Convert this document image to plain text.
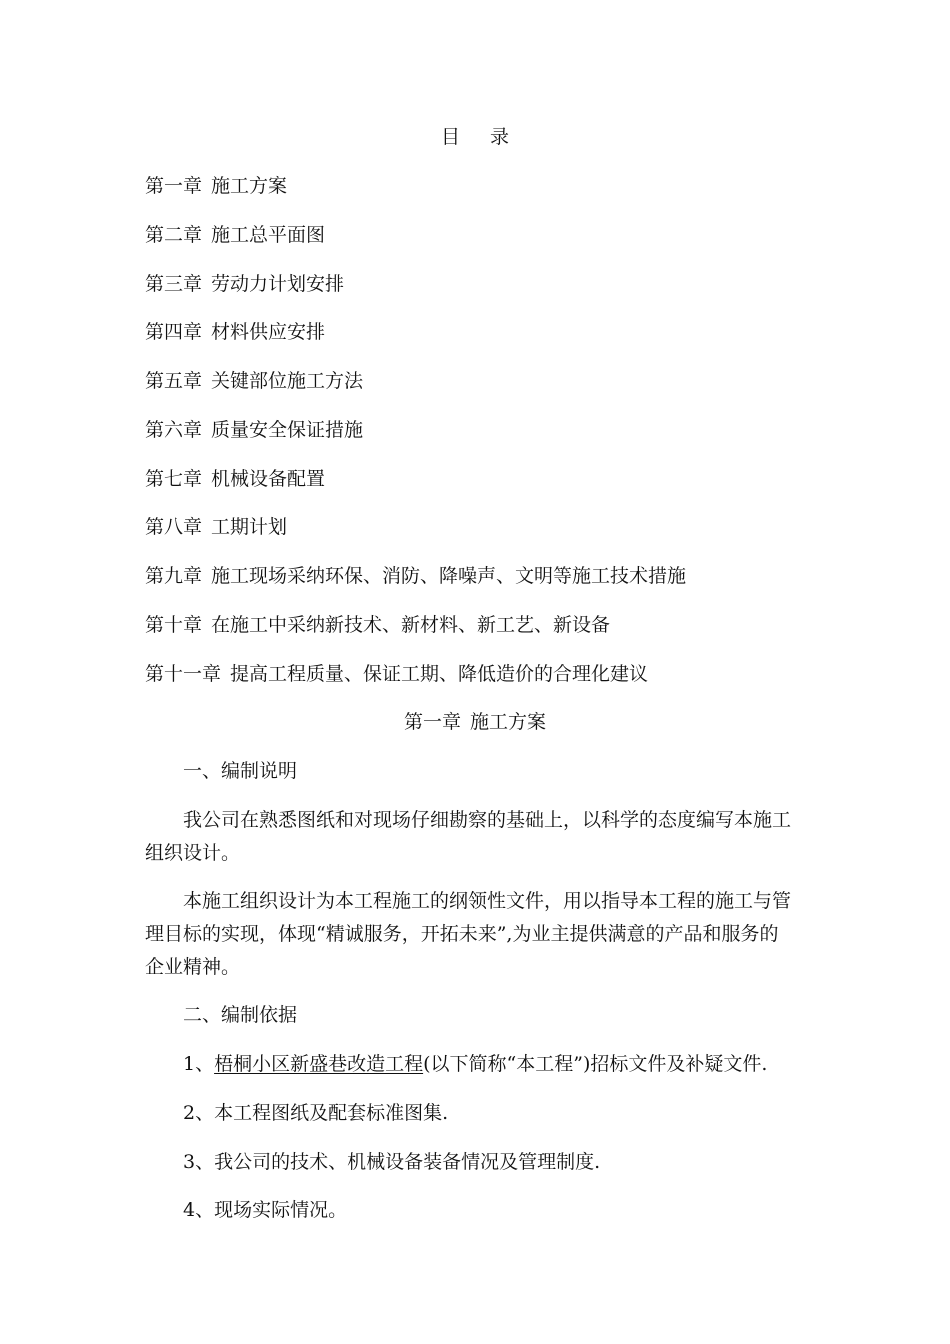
目 录
第一章 施工方案
第二章 施工总平面图
第三章 劳动力计划安排
第四章 材料供应安排
第五章 关键部位施工方法
第六章 质量安全保证措施
第七章 机械设备配置
第八章 工期计划
第九章 施工现场采纳环保、消防、降噪声、文明等施工技术措施
第十章 在施工中采纳新技术、新材料、新工艺、新设备
第十一章 提高工程质量、保证工期、降低造价的合理化建议
第一章 施工方案
一、编制说明
我公司在熟悉图纸和对现场仔细勘察的基础上，以科学的态度编写本施工
组织设计。
本施工组织设计为本工程施工的纲领性文件，用以指导本工程的施工与管
理目标的实现，体现“精诚服务，开拓未来”,为业主提供满意的产品和服务的
企业精神。
二、编制依据
1、梧桐小区新盛巷改造工程(以下简称“本工程”)招标文件及补疑文件.
2、本工程图纸及配套标准图集.
3、我公司的技术、机械设备装备情况及管理制度.
4、现场实际情况。
